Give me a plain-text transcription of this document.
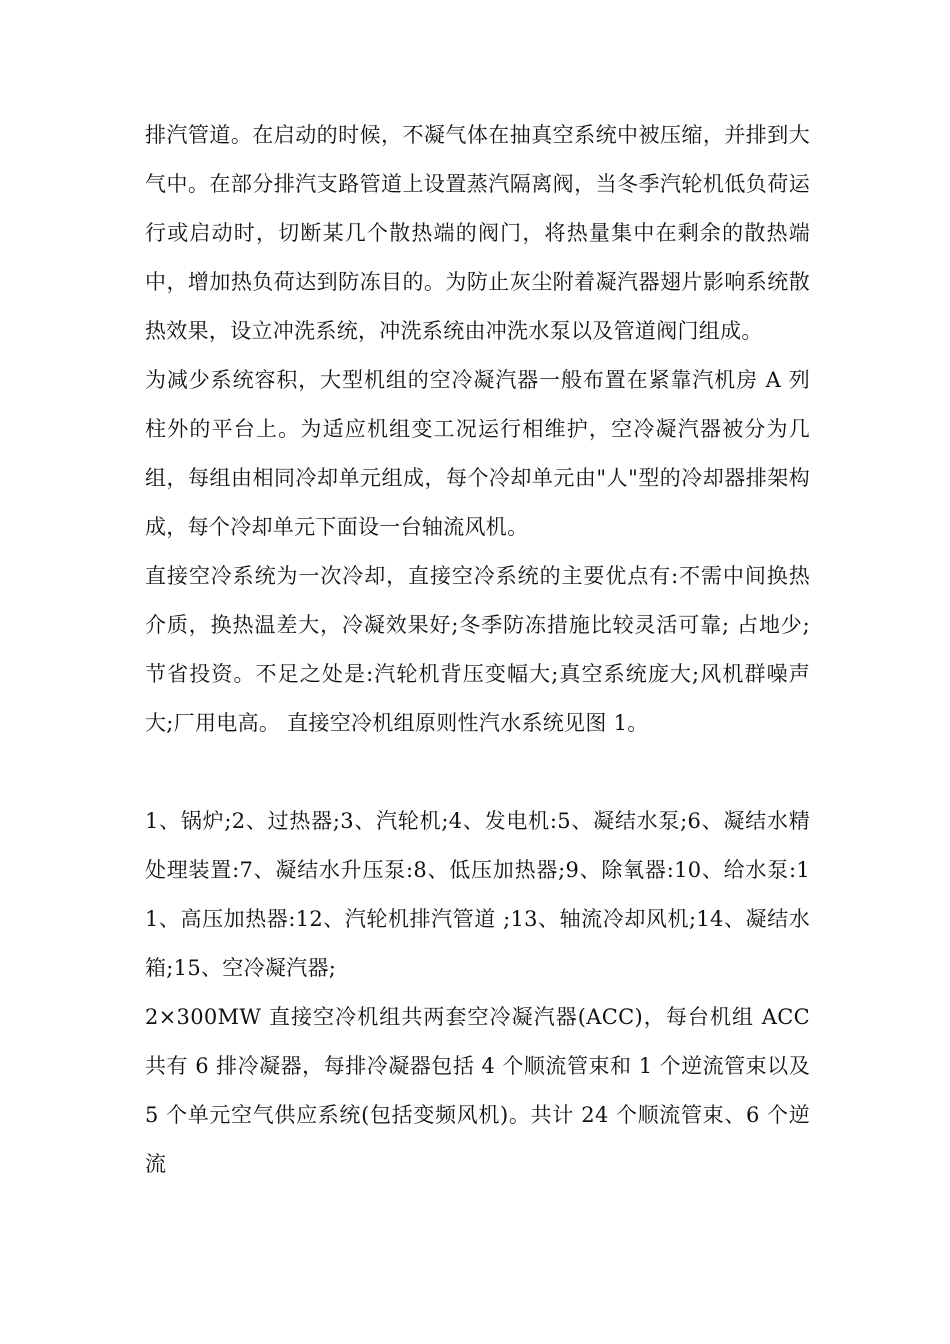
排汽管道。在启动的时候，不凝气体在抽真空系统中被压缩，并排到大气中。在部分排汽支路管道上设置蒸汽隔离阀，当冬季汽轮机低负荷运行或启动时，切断某几个散热端的阀门，将热量集中在剩余的散热端中，增加热负荷达到防冻目的。为防止灰尘附着凝汽器翅片影响系统散热效果，设立冲洗系统，冲洗系统由冲洗水泵以及管道阀门组成。

为减少系统容积，大型机组的空冷凝汽器一般布置在紧靠汽机房 A 列柱外的平台上。为适应机组变工况运行相维护，空冷凝汽器被分为几组，每组由相同冷却单元组成，每个冷却单元由"人"型的冷却器排架构成，每个冷却单元下面设一台轴流风机。

直接空冷系统为一次冷却，直接空冷系统的主要优点有:不需中间换热介质，换热温差大，冷凝效果好;冬季防冻措施比较灵活可靠; 占地少;节省投资。不足之处是:汽轮机背压变幅大;真空系统庞大;风机群噪声大;厂用电高。 直接空冷机组原则性汽水系统见图 1。

1、锅炉;2、过热器;3、汽轮机;4、发电机:5、凝结水泵;6、凝结水精处理装置:7、凝结水升压泵:8、低压加热器;9、除氧器:10、给水泵:11、高压加热器:12、汽轮机排汽管道 ;13、轴流冷却风机;14、凝结水箱;15、空冷凝汽器;

2×300MW 直接空冷机组共两套空冷凝汽器(ACC)，每台机组 ACC 共有 6 排冷凝器，每排冷凝器包括 4 个顺流管束和 1 个逆流管束以及 5 个单元空气供应系统(包括变频风机)。共计 24 个顺流管束、6 个逆流
